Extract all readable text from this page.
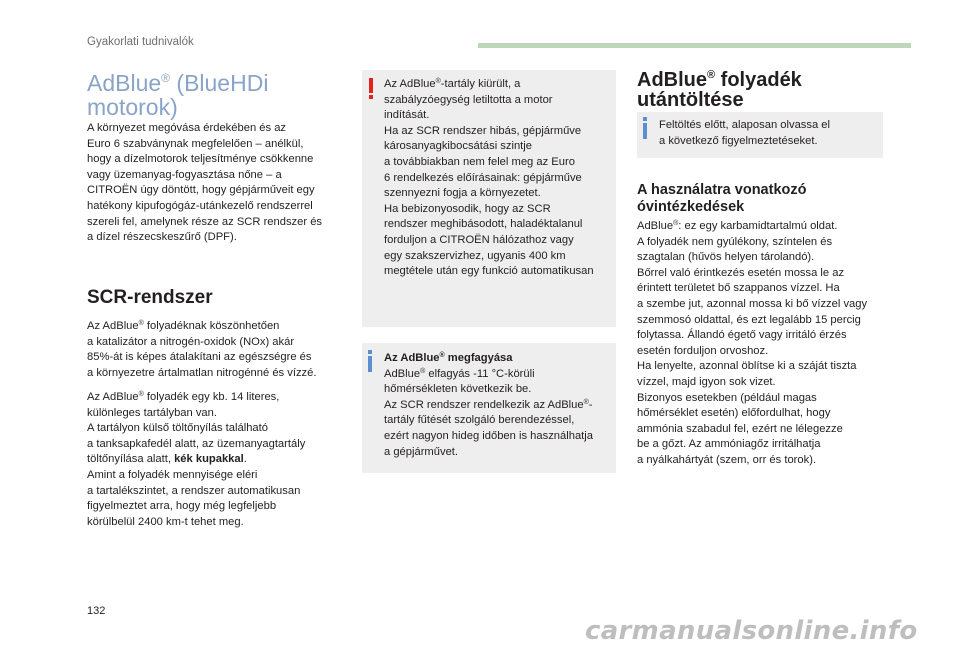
Gyakorlati tudnivalók
AdBlue® (BlueHDi
motorok)
A környezet megóvása érdekében és az
Euro 6 szabványnak megfelelően – anélkül,
hogy a dízelmotorok teljesítménye csökkenne
vagy üzemanyag-fogyasztása nőne – a
CITROËN úgy döntött, hogy gépjárműveit egy
hatékony kipufogógáz-utánkezelő rendszerrel
szereli fel, amelynek része az SCR rendszer és
a dízel részecskeszűrő (DPF).
SCR-rendszer
Az AdBlue® folyadéknak köszönhetően
a katalizátor a nitrogén-oxidok (NOx) akár
85%-át is képes átalakítani az egészségre és
a környezetre ártalmatlan nitrogénné és vízzé.
Az AdBlue® folyadék egy kb. 14 literes,
különleges tartályban van.
A tartályon külső töltőnyílás található
a tanksapkafedél alatt, az üzemanyagtartály
töltőnyílása alatt, kék kupakkal.
Amint a folyadék mennyisége eléri
a tartalékszintet, a rendszer automatikusan
figyelmeztet arra, hogy még legfeljebb
körülbelül 2400 km-t tehet meg.
Az AdBlue®-tartály kiürült, a
szabályzóegység letiltotta a motor
indítását.
Ha az SCR rendszer hibás, gépjárműve
károsanyagkibocsátási szintje
a továbbiakban nem felel meg az Euro
6 rendelkezés előírásainak: gépjárműve
szennyezni fogja a környezetet.
Ha bebizonyosodik, hogy az SCR
rendszer meghibásodott, haladéktalanul
forduljon a CITROËN hálózathoz vagy
egy szakszervizhez, ugyanis 400 km
megtétele után egy funkció automatikusan
Az AdBlue® megfagyása
AdBlue® elfagyás -11 °C-körüli
hőmérsékleten következik be.
Az SCR rendszer rendelkezik az AdBlue®-
tartály fűtését szolgáló berendezéssel,
ezért nagyon hideg időben is használhatja
a gépjárművet.
AdBlue® folyadék
utántöltése
Feltöltés előtt, alaposan olvassa el
a következő figyelmeztetéseket.
A használatra vonatkozó
óvintézkedések
AdBlue®: ez egy karbamidtartalmú oldat.
A folyadék nem gyúlékony, színtelen és
szagtalan (hűvös helyen tárolandó).
Bőrrel való érintkezés esetén mossa le az
érintett területet bő szappanos vízzel. Ha
a szembe jut, azonnal mossa ki bő vízzel vagy
szemmosó oldattal, és ezt legalább 15 percig
folytassa. Állandó égető vagy irritáló érzés
esetén forduljon orvoshoz.
Ha lenyelte, azonnal öblítse ki a száját tiszta
vízzel, majd igyon sok vizet.
Bizonyos esetekben (például magas
hőmérséklet esetén) előfordulhat, hogy
ammónia szabadul fel, ezért ne lélegezze
be a gőzt. Az ammóniagőz irritálhatja
a nyálkahártyát (szem, orr és torok).
132
carmanualsonline.info
